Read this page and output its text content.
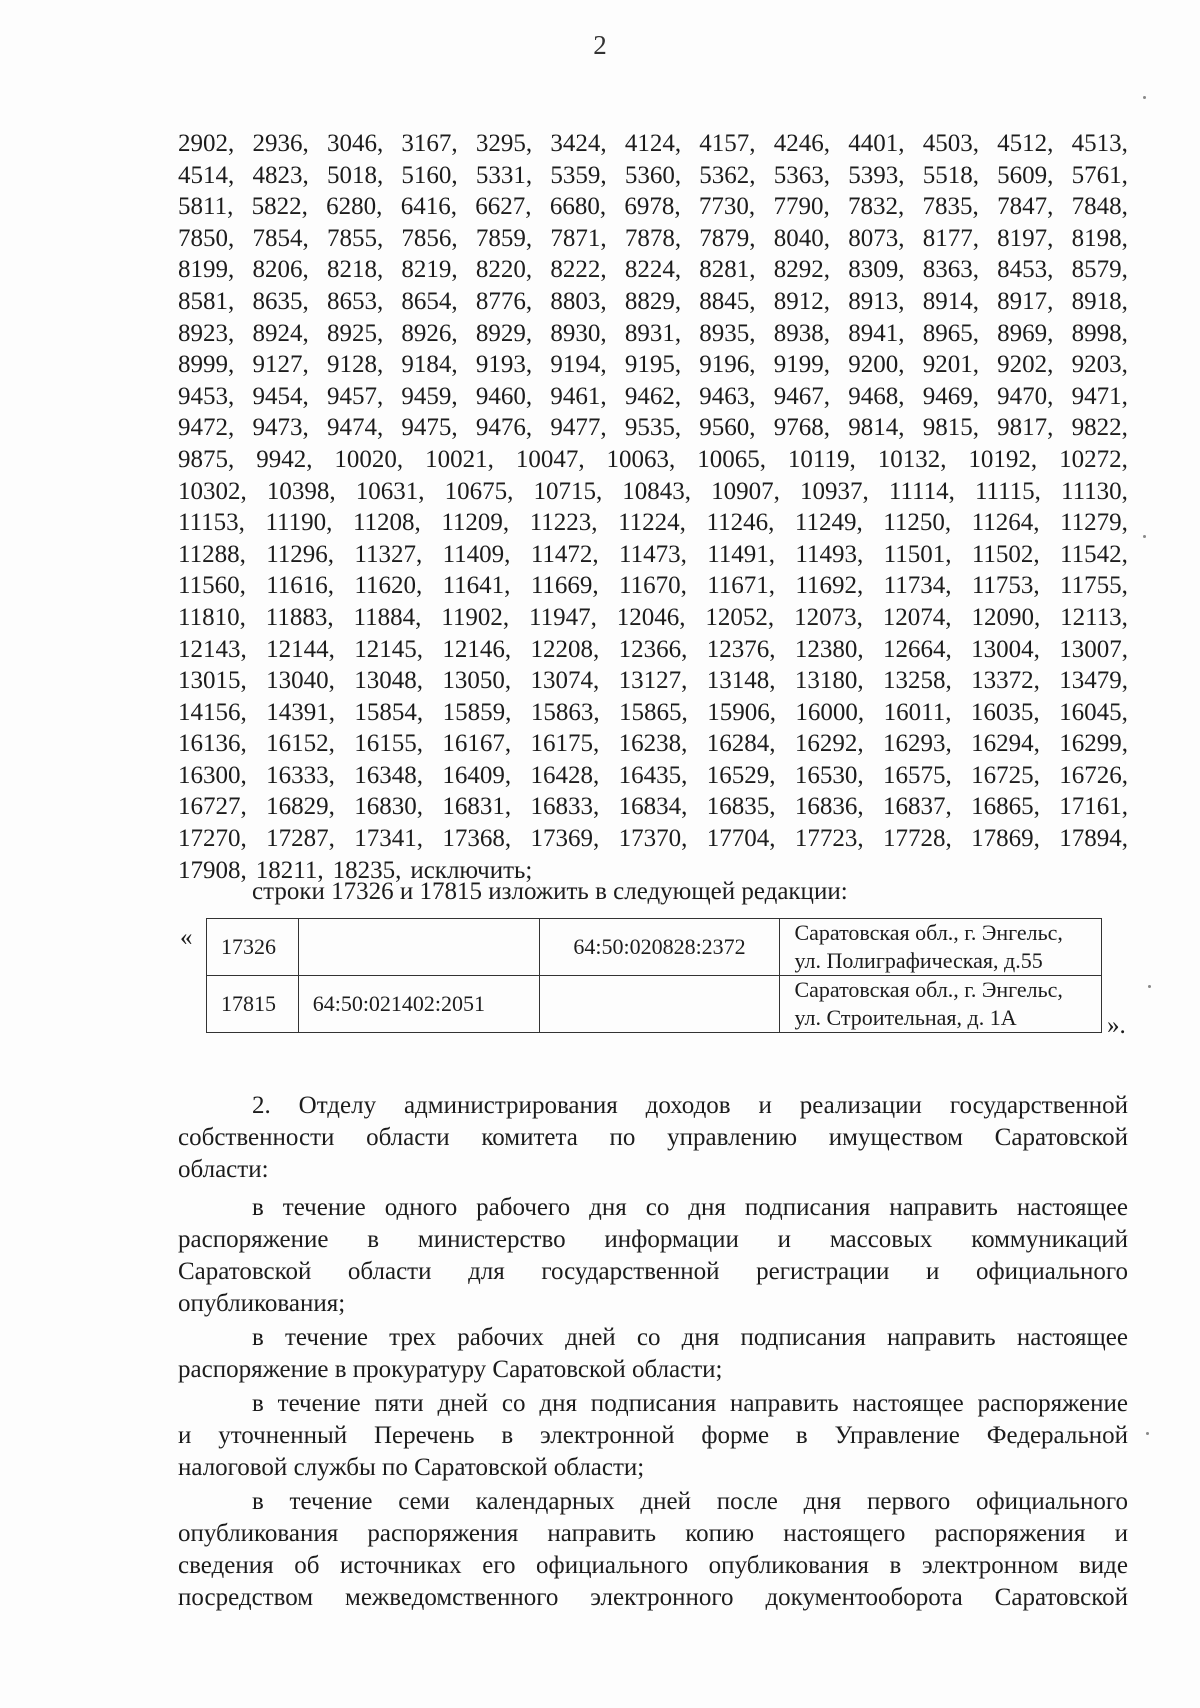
2
2902, 2936, 3046, 3167, 3295, 3424, 4124, 4157, 4246, 4401, 4503, 4512, 4513,
4514, 4823, 5018, 5160, 5331, 5359, 5360, 5362, 5363, 5393, 5518, 5609, 5761,
5811, 5822, 6280, 6416, 6627, 6680, 6978, 7730, 7790, 7832, 7835, 7847, 7848,
7850, 7854, 7855, 7856, 7859, 7871, 7878, 7879, 8040, 8073, 8177, 8197, 8198,
8199, 8206, 8218, 8219, 8220, 8222, 8224, 8281, 8292, 8309, 8363, 8453, 8579,
8581, 8635, 8653, 8654, 8776, 8803, 8829, 8845, 8912, 8913, 8914, 8917, 8918,
8923, 8924, 8925, 8926, 8929, 8930, 8931, 8935, 8938, 8941, 8965, 8969, 8998,
8999, 9127, 9128, 9184, 9193, 9194, 9195, 9196, 9199, 9200, 9201, 9202, 9203,
9453, 9454, 9457, 9459, 9460, 9461, 9462, 9463, 9467, 9468, 9469, 9470, 9471,
9472, 9473, 9474, 9475, 9476, 9477, 9535, 9560, 9768, 9814, 9815, 9817, 9822,
9875, 9942, 10020, 10021, 10047, 10063, 10065, 10119, 10132, 10192, 10272,
10302, 10398, 10631, 10675, 10715, 10843, 10907, 10937, 11114, 11115, 11130,
11153, 11190, 11208, 11209, 11223, 11224, 11246, 11249, 11250, 11264, 11279,
11288, 11296, 11327, 11409, 11472, 11473, 11491, 11493, 11501, 11502, 11542,
11560, 11616, 11620, 11641, 11669, 11670, 11671, 11692, 11734, 11753, 11755,
11810, 11883, 11884, 11902, 11947, 12046, 12052, 12073, 12074, 12090, 12113,
12143, 12144, 12145, 12146, 12208, 12366, 12376, 12380, 12664, 13004, 13007,
13015, 13040, 13048, 13050, 13074, 13127, 13148, 13180, 13258, 13372, 13479,
14156, 14391, 15854, 15859, 15863, 15865, 15906, 16000, 16011, 16035, 16045,
16136, 16152, 16155, 16167, 16175, 16238, 16284, 16292, 16293, 16294, 16299,
16300, 16333, 16348, 16409, 16428, 16435, 16529, 16530, 16575, 16725, 16726,
16727, 16829, 16830, 16831, 16833, 16834, 16835, 16836, 16837, 16865, 17161,
17270, 17287, 17341, 17368, 17369, 17370, 17704, 17723, 17728, 17869, 17894,
17908, 18211, 18235, исключить;
строки 17326 и 17815 изложить в следующей редакции:
« 17326		64:50:020828:2372	Саратовская обл., г. Энгельс,
ул. Полиграфическая, д.55

17815	64:50:021402:2051		Саратовская обл., г. Энгельс,
ул. Строительная, д. 1А	».
2. Отделу администрирования доходов и реализации государственной
собственности области комитета по управлению имуществом Саратовской
области:
в течение одного рабочего дня со дня подписания направить настоящее
распоряжение в министерство информации и массовых коммуникаций
Саратовской области для государственной регистрации и официального
опубликования;
в течение трех рабочих дней со дня подписания направить настоящее
распоряжение в прокуратуру Саратовской области;
в течение пяти дней со дня подписания направить настоящее распоряжение
и уточненный Перечень в электронной форме в Управление Федеральной
налоговой службы по Саратовской области;
в течение семи календарных дней после дня первого официального
опубликования распоряжения направить копию настоящего распоряжения и
сведения об источниках его официального опубликования в электронном виде
посредством межведомственного электронного документооборота Саратовской
